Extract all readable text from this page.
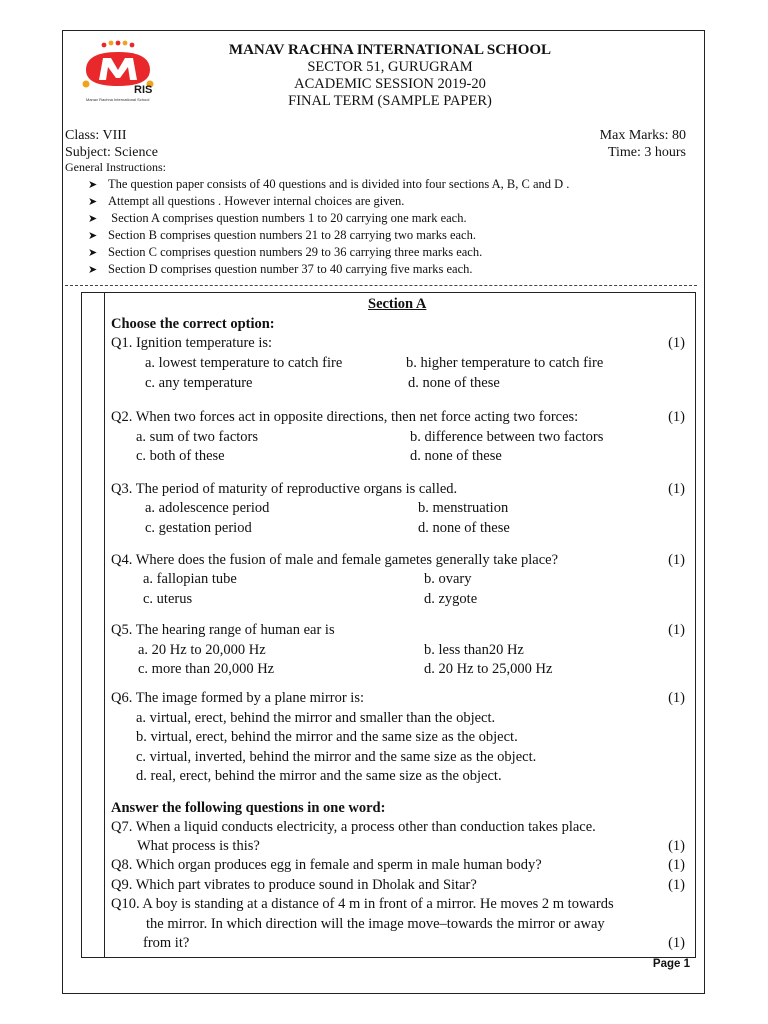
RIS
Manav Rachna International School
MANAV RACHNA INTERNATIONAL SCHOOL
SECTOR 51, GURUGRAM
ACADEMIC SESSION 2019-20
FINAL TERM (SAMPLE PAPER)
Class: VIII
Subject: Science
Max Marks: 80
Time: 3 hours
General Instructions:
➤ The question paper consists of 40 questions and is divided into four sections A, B, C and D .
➤ Attempt all questions . However internal choices are given.
➤ Section A comprises question numbers 1 to 20 carrying one mark each.
➤ Section B comprises question numbers 21 to 28 carrying two marks each.
➤ Section C comprises question numbers 29 to 36 carrying three marks each.
➤ Section D comprises question number 37 to 40 carrying five marks each.
Section A
Choose the correct option:
Q1. Ignition temperature is:	(1)
a. lowest temperature to catch fire	b. higher temperature to catch fire
c. any temperature	d. none of these
Q2. When two forces act in opposite directions, then net force acting two forces:	(1)
a. sum of two factors	b. difference between two factors
c. both of these	d. none of these
Q3. The period of maturity of reproductive organs is called.	(1)
a. adolescence period	b. menstruation
c. gestation period	d. none of these
Q4. Where does the fusion of male and female gametes generally take place?	(1)
a. fallopian tube	b. ovary
c. uterus	d. zygote
Q5. The hearing range of human ear is	(1)
a. 20 Hz to 20,000 Hz	b. less than20 Hz
c. more than 20,000 Hz	d. 20 Hz to 25,000 Hz
Q6. The image formed by a plane mirror is:	(1)
a. virtual, erect, behind the mirror and smaller than the object.
b. virtual, erect, behind the mirror and the same size as the object.
c. virtual, inverted, behind the mirror and the same size as the object.
d. real, erect, behind the mirror and the same size as the object.
Answer the following questions in one word:
Q7. When a liquid conducts electricity, a process other than conduction takes place.
What process is this?	(1)
Q8. Which organ produces egg in female and sperm in male human body?	(1)
Q9. Which part vibrates to produce sound in Dholak and Sitar?	(1)
Q10. A boy is standing at a distance of 4 m in front of a mirror. He moves 2 m towards
the mirror. In which direction will the image move–towards the mirror or away
from it?	(1)
Page 1
